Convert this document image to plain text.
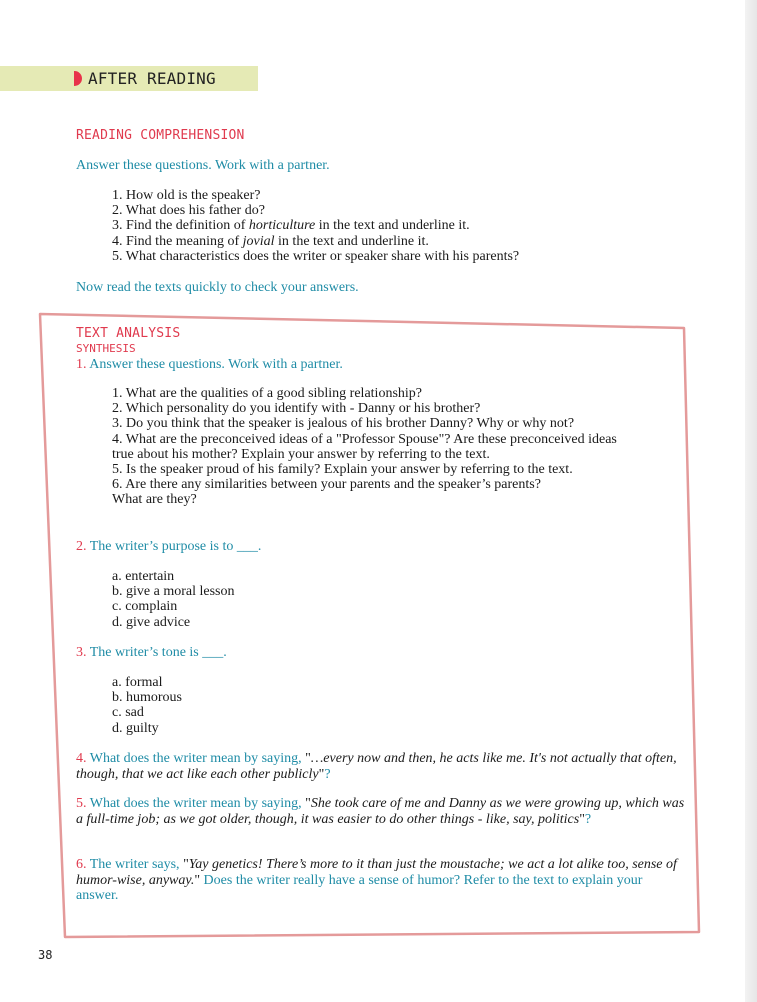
AFTER READING
READING COMPREHENSION
Answer these questions. Work with a partner.
1. How old is the speaker?
2. What does his father do?
3. Find the definition of horticulture in the text and underline it.
4. Find the meaning of jovial in the text and underline it.
5. What characteristics does the writer or speaker share with his parents?
Now read the texts quickly to check your answers.
TEXT ANALYSIS
SYNTHESIS
1. Answer these questions. Work with a partner.
1. What are the qualities of a good sibling relationship?
2. Which personality do you identify with - Danny or his brother?
3. Do you think that the speaker is jealous of his brother Danny? Why or why not?
4. What are the preconceived ideas of a "Professor Spouse"? Are these preconceived ideas
true about his mother? Explain your answer by referring to the text.
5. Is the speaker proud of his family? Explain your answer by referring to the text.
6. Are there any similarities between your parents and the speaker’s parents?
What are they?
2. The writer’s purpose is to ___.
a. entertain
b. give a moral lesson
c. complain
d. give advice
3. The writer’s tone is ___.
a. formal
b. humorous
c. sad
d. guilty
4. What does the writer mean by saying, "…every now and then, he acts like me. It's not actually that often, though, that we act like each other publicly"?
5. What does the writer mean by saying, "She took care of me and Danny as we were growing up, which was a full-time job; as we got older, though, it was easier to do other things - like, say, politics"?
6. The writer says, "Yay genetics! There’s more to it than just the moustache; we act a lot alike too, sense of humor-wise, anyway." Does the writer really have a sense of humor? Refer to the text to explain your answer.
38
